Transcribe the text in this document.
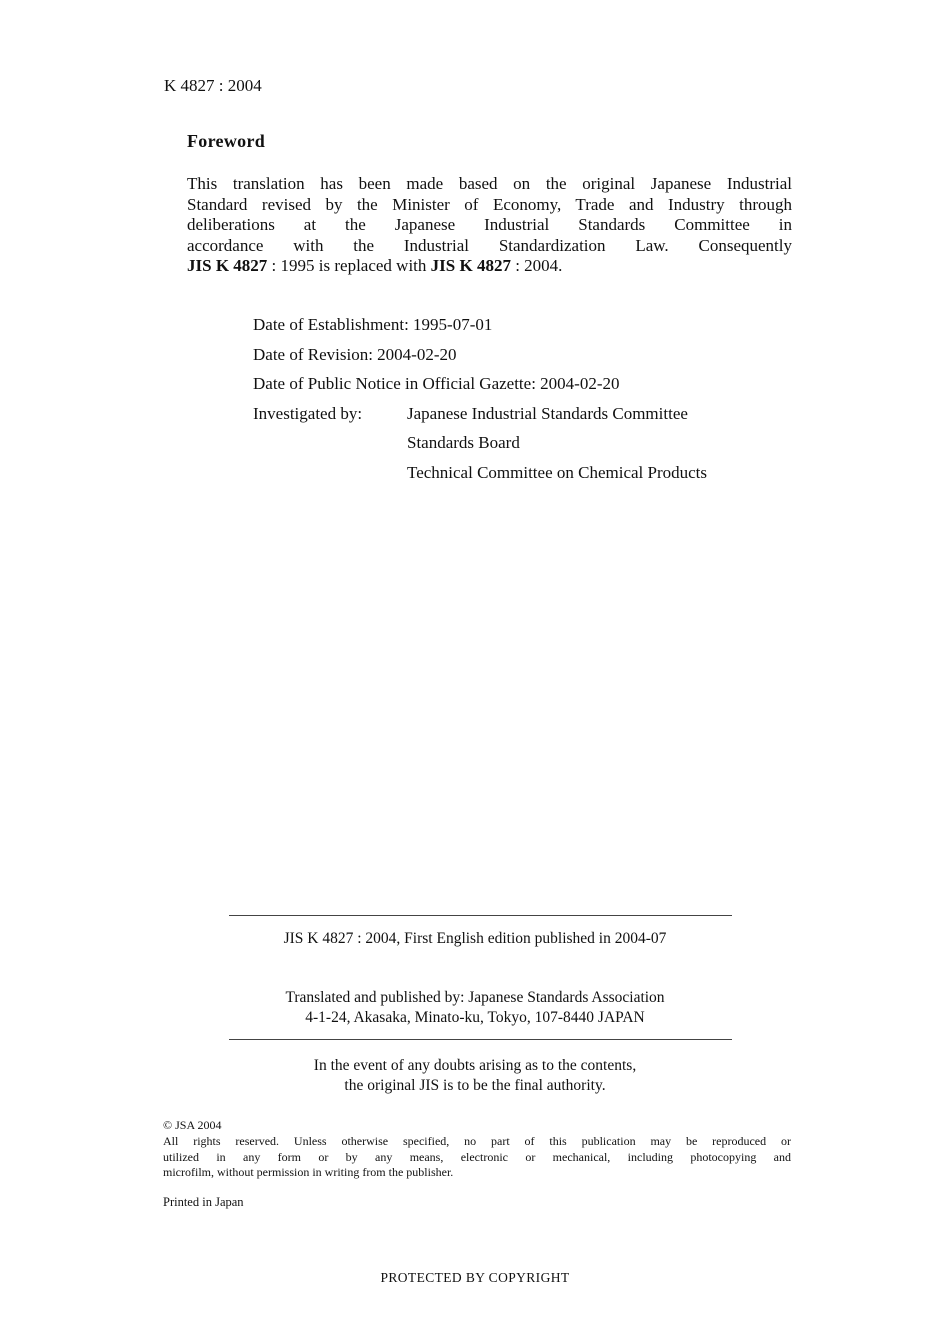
K 4827 : 2004
Foreword
This translation has been made based on the original Japanese Industrial
Standard revised by the Minister of Economy, Trade and Industry through
deliberations at the Japanese Industrial Standards Committee in
accordance with the Industrial Standardization Law. Consequently
JIS K 4827 : 1995 is replaced with JIS K 4827 : 2004.
Date of Establishment: 1995-07-01
Date of Revision: 2004-02-20
Date of Public Notice in Official Gazette: 2004-02-20
Investigated by:	Japanese Industrial Standards Committee
Standards Board
Technical Committee on Chemical Products
JIS K 4827 : 2004, First English edition published in 2004-07
Translated and published by: Japanese Standards Association
4-1-24, Akasaka, Minato-ku, Tokyo, 107-8440 JAPAN
In the event of any doubts arising as to the contents,
the original JIS is to be the final authority.
© JSA 2004
All rights reserved. Unless otherwise specified, no part of this publication may be reproduced or
utilized in any form or by any means, electronic or mechanical, including photocopying and
microfilm, without permission in writing from the publisher.
Printed in Japan
PROTECTED BY COPYRIGHT
